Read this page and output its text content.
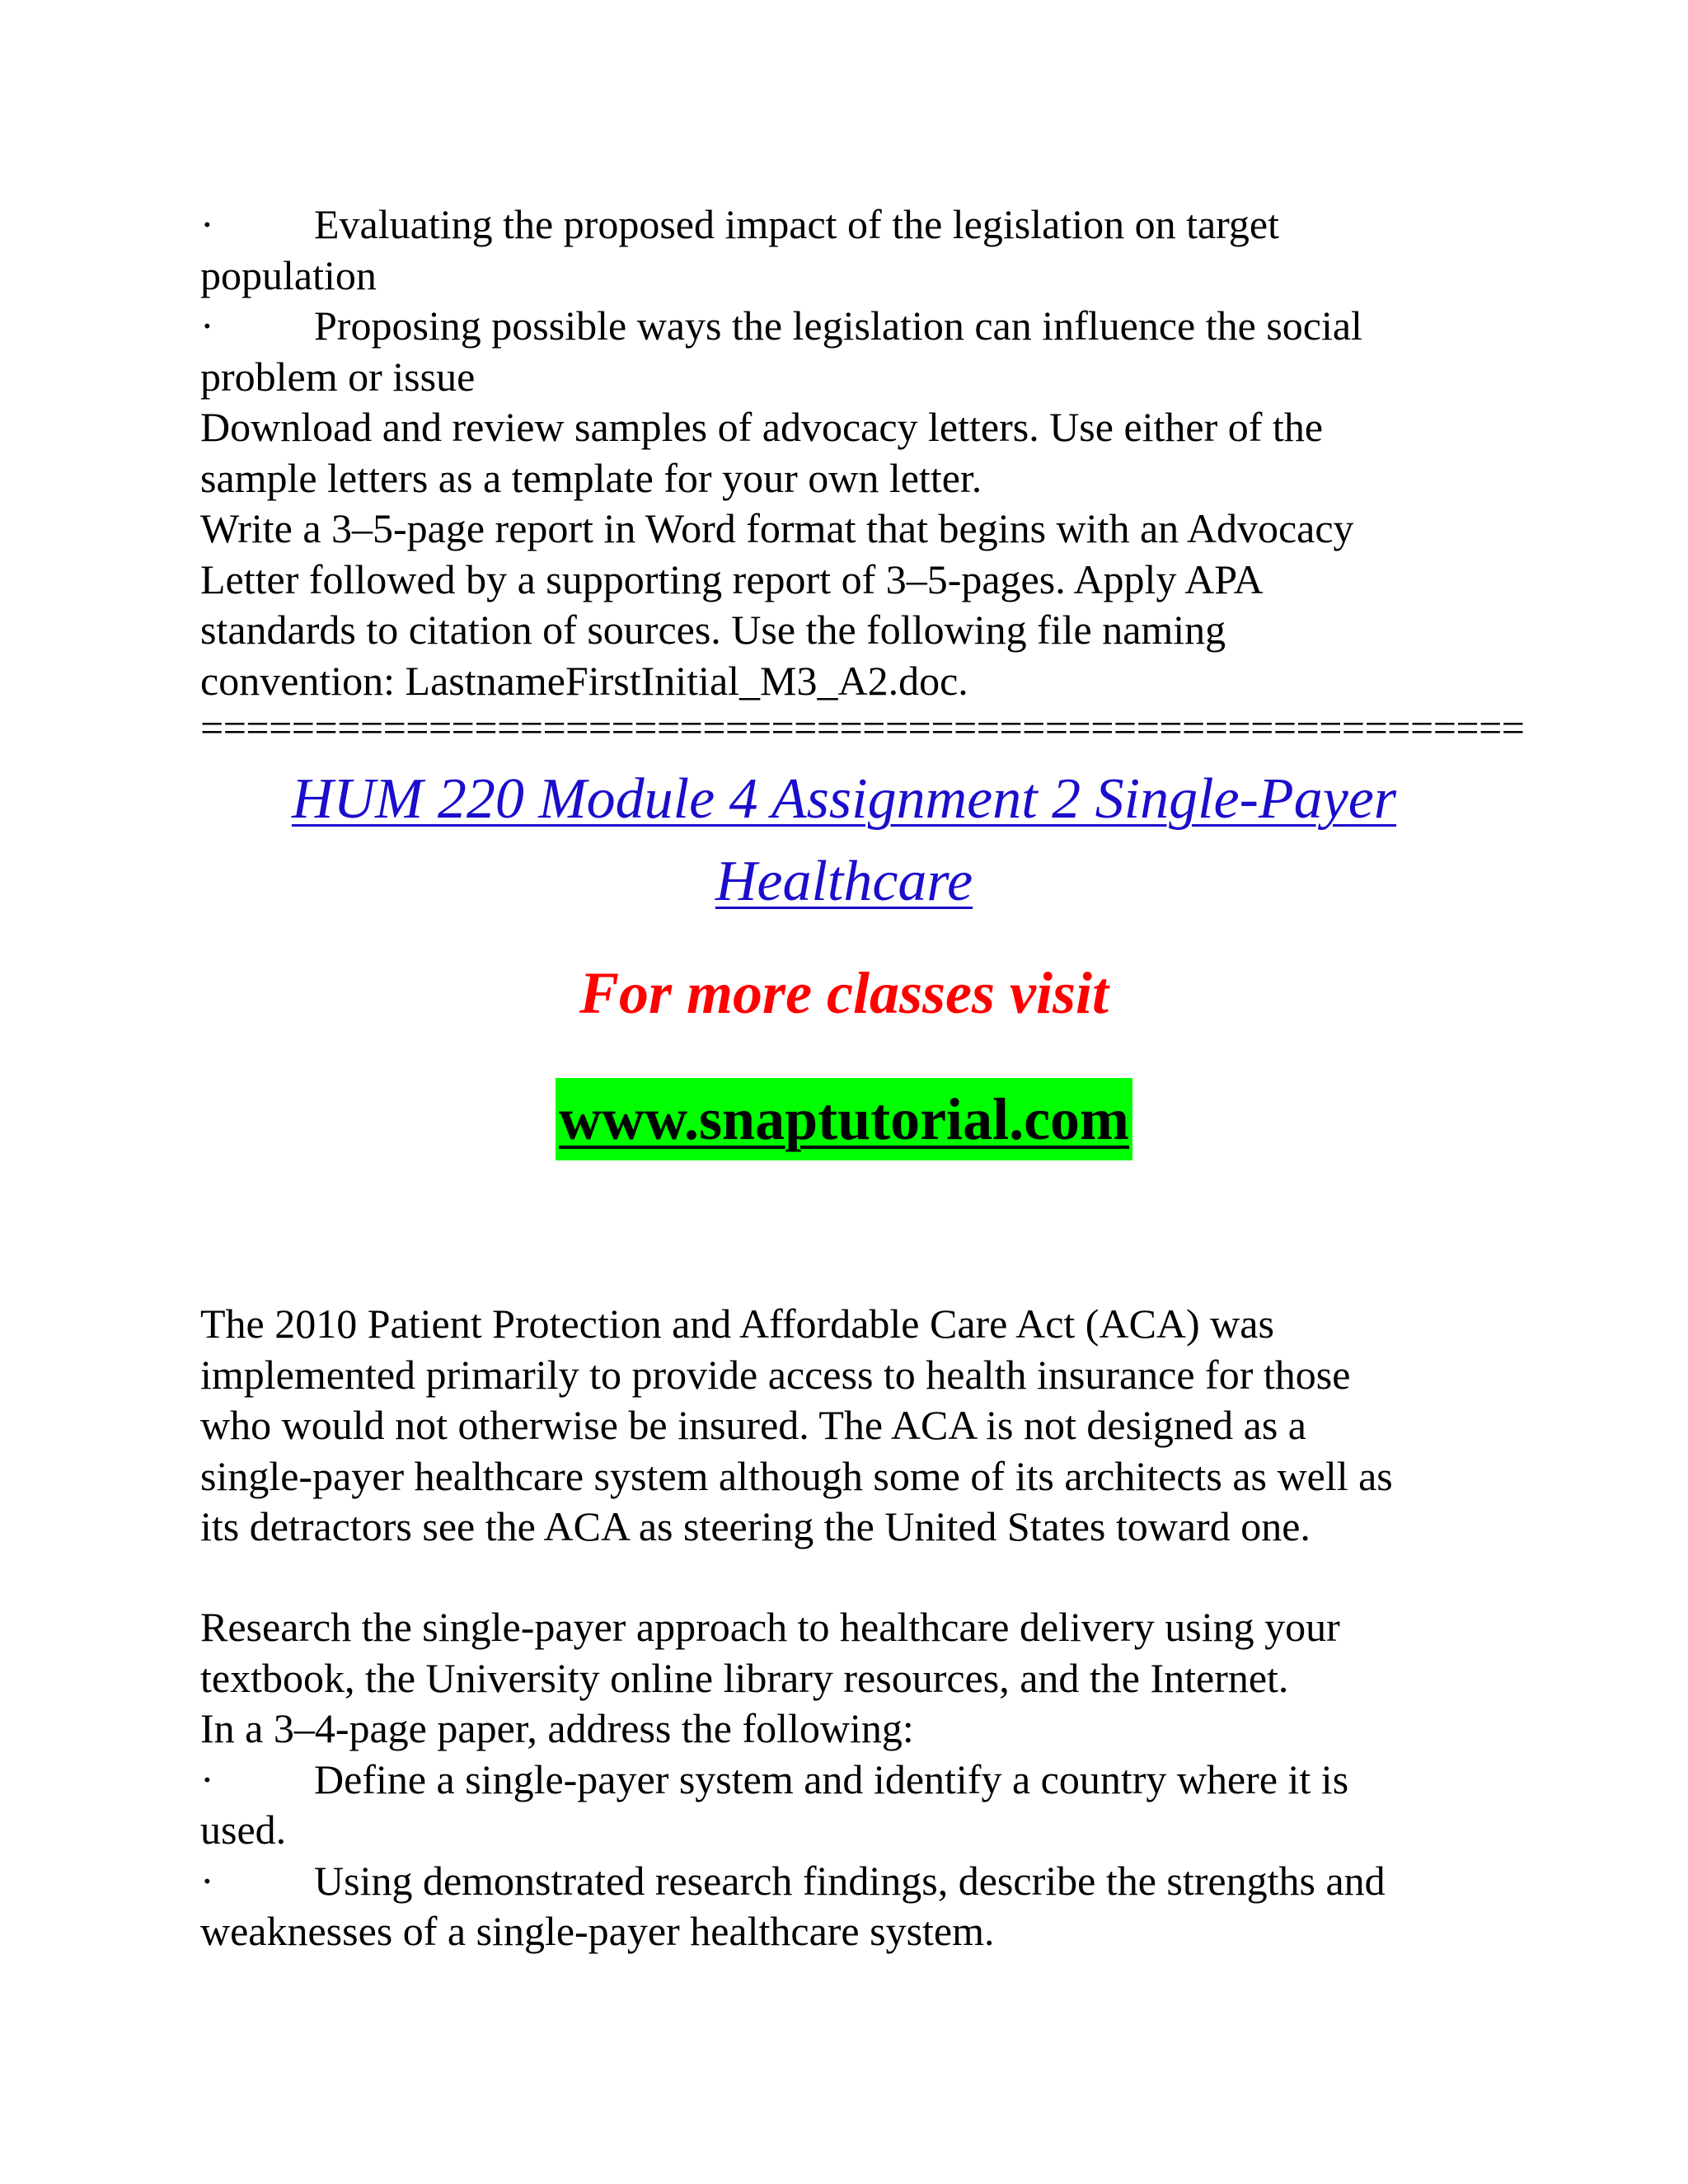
· Evaluating the proposed impact of the legislation on target
population
· Proposing possible ways the legislation can influence the social
problem or issue
Download and review samples of advocacy letters. Use either of the
sample letters as a template for your own letter.
Write a 3–5-page report in Word format that begins with an Advocacy
Letter followed by a supporting report of 3–5-pages. Apply APA
standards to citation of sources. Use the following file naming
convention: LastnameFirstInitial_M3_A2.doc.
==========================================================
HUM 220 Module 4 Assignment 2 Single-Payer
Healthcare
For more classes visit
www.snaptutorial.com
The 2010 Patient Protection and Affordable Care Act (ACA) was
implemented primarily to provide access to health insurance for those
who would not otherwise be insured. The ACA is not designed as a
single-payer healthcare system although some of its architects as well as
its detractors see the ACA as steering the United States toward one.
Research the single-payer approach to healthcare delivery using your
textbook, the University online library resources, and the Internet.
In a 3–4-page paper, address the following:
· Define a single-payer system and identify a country where it is
used.
· Using demonstrated research findings, describe the strengths and
weaknesses of a single-payer healthcare system.
